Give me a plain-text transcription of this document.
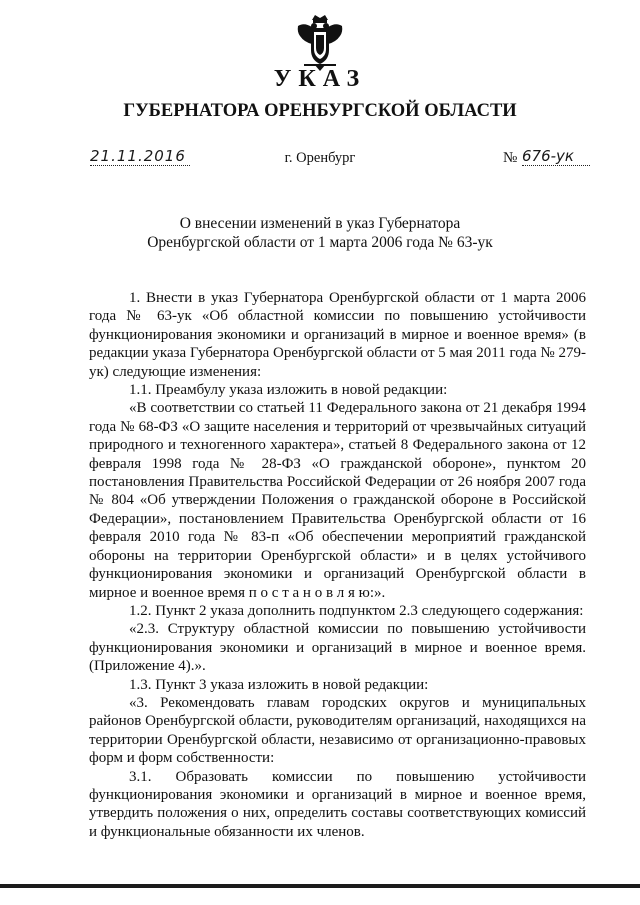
УКАЗ
ГУБЕРНАТОРА ОРЕНБУРГСКОЙ ОБЛАСТИ
21.11.2016	г. Оренбург	№ 676-ук
О внесении изменений в указ Губернатора
Оренбургской области от 1 марта 2006 года № 63-ук

1. Внести в указ Губернатора Оренбургской области от 1 марта 2006 года № 63-ук «Об областной комиссии по повышению устойчивости функционирования экономики и организаций в мирное и военное время» (в редакции указа Губернатора Оренбургской области от 5 мая 2011 года № 279-ук) следующие изменения:

1.1. Преамбулу указа изложить в новой редакции:

«В соответствии со статьей 11 Федерального закона от 21 декабря 1994 года № 68-ФЗ «О защите населения и территорий от чрезвычайных ситуаций природного и техногенного характера», статьей 8 Федерального закона от 12 февраля 1998 года № 28-ФЗ «О гражданской обороне», пунктом 20 постановления Правительства Российской Федерации от 26 ноября 2007 года № 804 «Об утверждении Положения о гражданской обороне в Российской Федерации», постановлением Правительства Оренбургской области от 16 февраля 2010 года № 83-п «Об обеспечении мероприятий гражданской обороны на территории Оренбургской области» и в целях устойчивого функционирования экономики и организаций Оренбургской области в мирное и военное время п о с т а н о в л я ю:».

1.2. Пункт 2 указа дополнить подпунктом 2.3 следующего содержания:

«2.3. Структуру областной комиссии по повышению устойчивости функционирования экономики и организаций в мирное и военное время. (Приложение 4).».

1.3. Пункт 3 указа изложить в новой редакции:

«3. Рекомендовать главам городских округов и муниципальных районов Оренбургской области, руководителям организаций, находящихся на территории Оренбургской области, независимо от организационно-правовых форм и форм собственности:

3.1. Образовать комиссии по повышению устойчивости функционирования экономики и организаций в мирное и военное время, утвердить положения о них, определить составы соответствующих комиссий и функциональные обязанности их членов.
